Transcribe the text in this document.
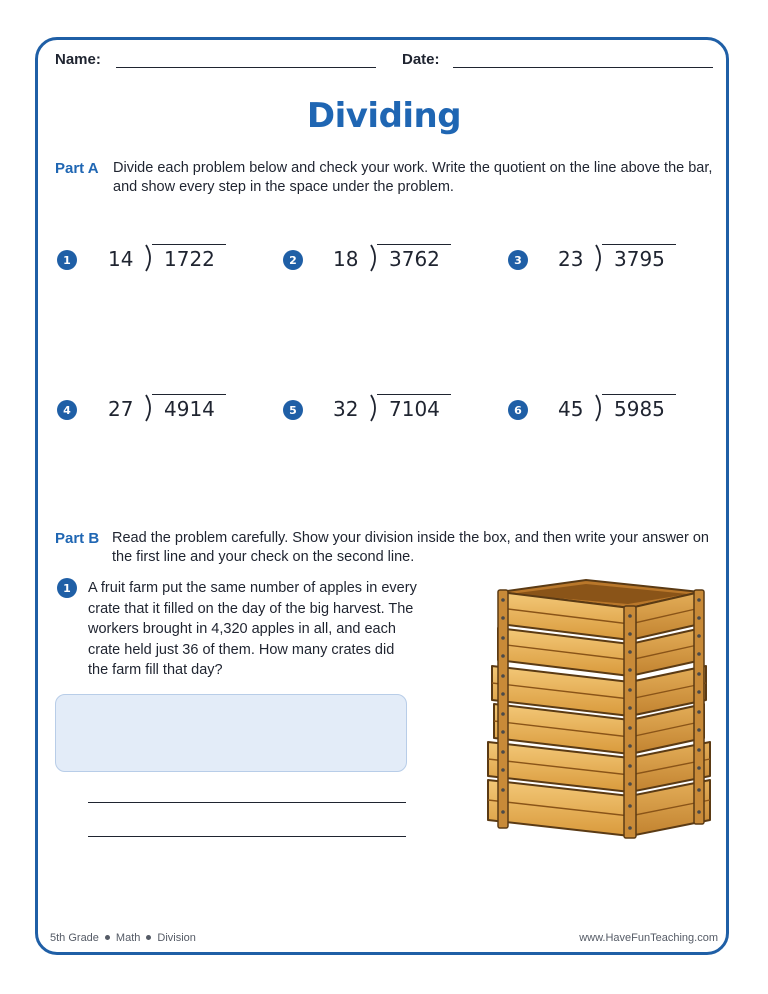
Name:	Date:
Dividing
Part A Divide each problem below and check your work. Write the quotient on the line above the bar, and show every step in the space under the problem.
1	14 1722	2	18 3762	3	23 3795
4	27 4914	5	32 7104	6	45 5985
Part B Read the problem carefully. Show your division inside the box, and then write your answer on the first line and your check on the second line.
1	A fruit farm put the same number of apples in every crate that it filled on the day of the big harvest. The workers brought in 4,320 apples in all, and each crate held just 36 of them. How many crates did the farm fill that day?
5th Grade Math Division	www.HaveFunTeaching.com
